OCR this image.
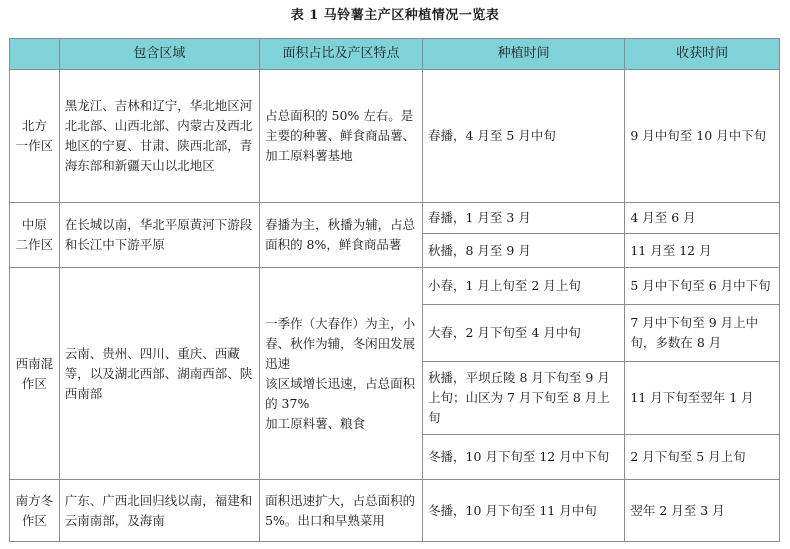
表 1 马铃薯主产区种植情况一览表
	包含区域	面积占比及产区特点	种植时间	收获时间
北方
一作区	黑龙江、吉林和辽宁，华北地区河北北部、山西北部、内蒙古及西北地区的宁夏、甘肃、陕西北部，青海东部和新疆天山以北地区	占总面积的 50% 左右。是主要的种薯、鲜食商品薯、加工原料薯基地	春播，4 月至 5 月中旬	9 月中旬至 10 月中下旬
中原
二作区	在长城以南，华北平原黄河下游段和长江中下游平原	春播为主，秋播为辅，占总面积的 8%，鲜食商品薯	春播，1 月至 3 月	4 月至 6 月
			秋播，8 月至 9 月	11 月至 12 月
西南混
作区	云南、贵州、四川、重庆、西藏等，以及湖北西部、湖南西部、陕西南部	一季作（大春作）为主，小春、秋作为辅，冬闲田发展迅速
该区域增长迅速，占总面积的 37%
加工原料薯、粮食	小春，1 月上旬至 2 月上旬	5 月中下旬至 6 月中下旬
			大春，2 月下旬至 4 月中旬	7 月中下旬至 9 月上中旬，多数在 8 月
			秋播，平坝丘陵 8 月下旬至 9 月上旬；山区为 7 月下旬至 8 月上旬	11 月下旬至翌年 1 月
			冬播，10 月下旬至 12 月中下旬	2 月下旬至 5 月上旬
南方冬
作区	广东、广西北回归线以南，福建和云南南部，及海南	面积迅速扩大，占总面积的 5%。出口和早熟菜用	冬播，10 月下旬至 11 月中旬	翌年 2 月至 3 月
